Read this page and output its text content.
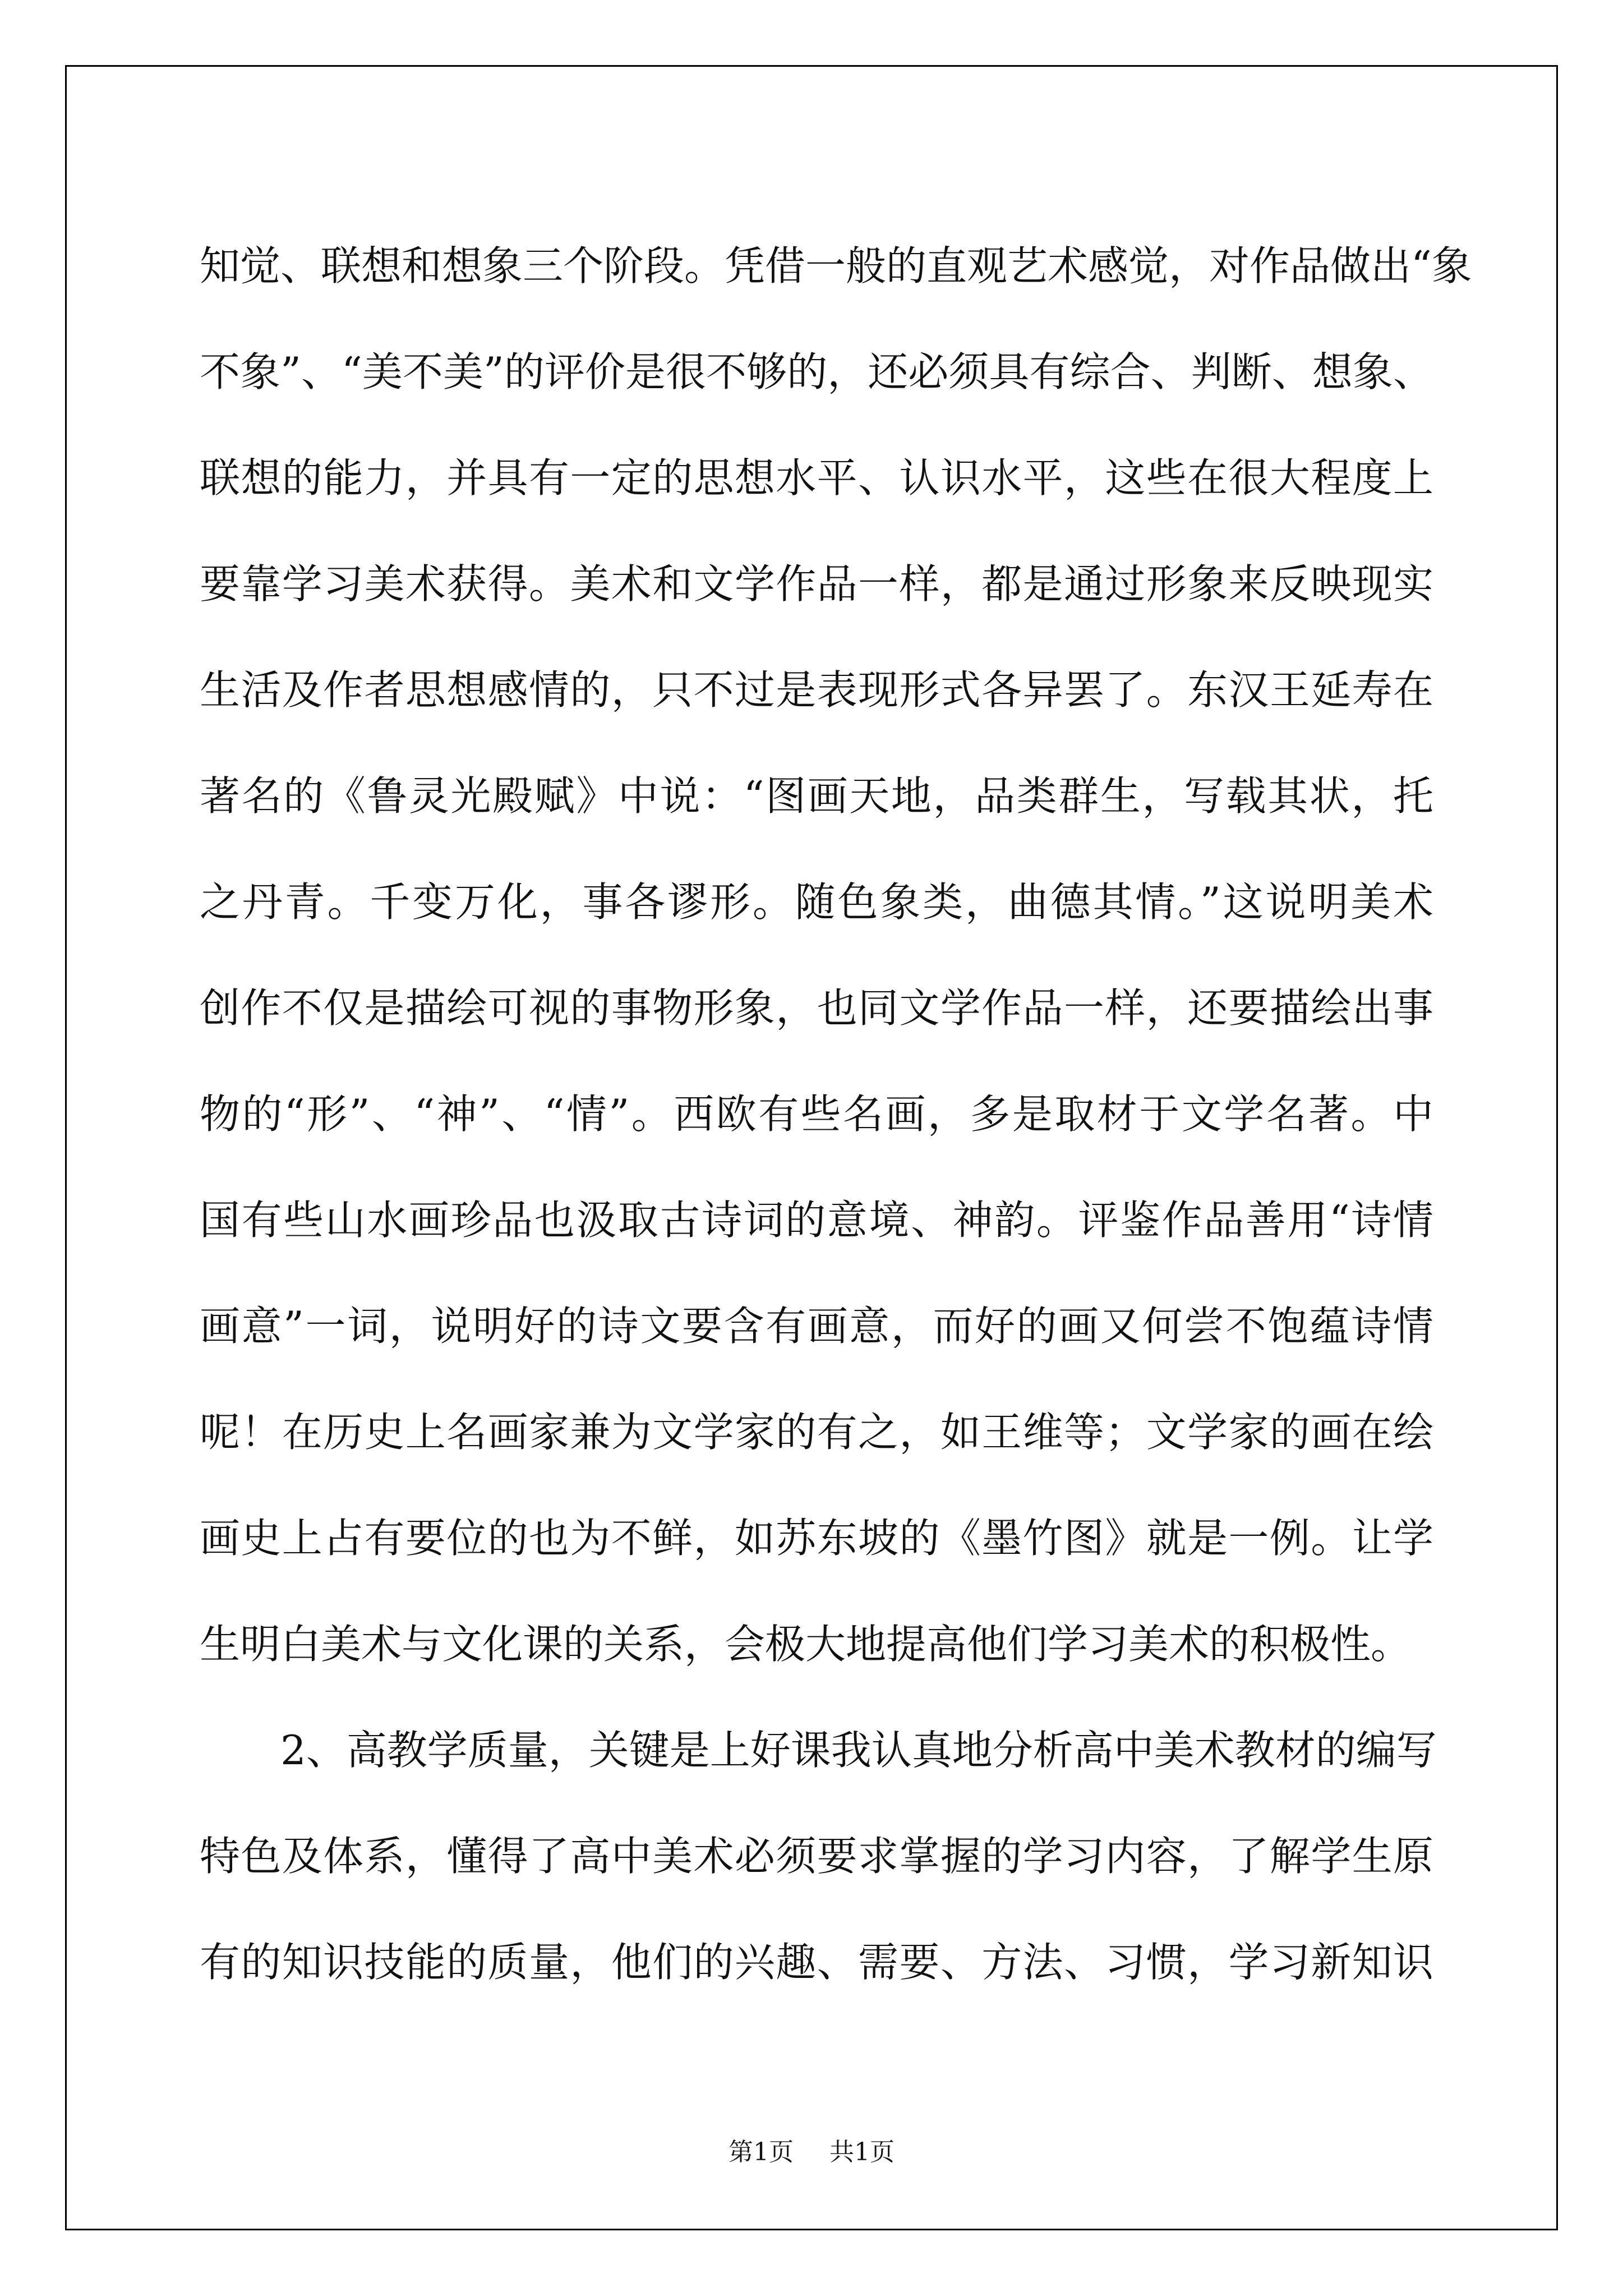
知觉、联想和想象三个阶段。凭借一般的直观艺术感觉，对作品做出“象
不象”、“美不美”的评价是很不够的，还必须具有综合、判断、想象、
联想的能力，并具有一定的思想水平、认识水平，这些在很大程度上
要靠学习美术获得。美术和文学作品一样，都是通过形象来反映现实
生活及作者思想感情的，只不过是表现形式各异罢了。东汉王延寿在
著名的《鲁灵光殿赋》中说：“图画天地，品类群生，写载其状，托
之丹青。千变万化，事各谬形。随色象类，曲德其情。”这说明美术
创作不仅是描绘可视的事物形象，也同文学作品一样，还要描绘出事
物的“形”、“神”、“情”。西欧有些名画，多是取材于文学名著。中
国有些山水画珍品也汲取古诗词的意境、神韵。评鉴作品善用“诗情
画意”一词，说明好的诗文要含有画意，而好的画又何尝不饱蕴诗情
呢！在历史上名画家兼为文学家的有之，如王维等；文学家的画在绘
画史上占有要位的也为不鲜，如苏东坡的《墨竹图》就是一例。让学
生明白美术与文化课的关系，会极大地提高他们学习美术的积极性。
2、高教学质量，关键是上好课我认真地分析高中美术教材的编写
特色及体系，懂得了高中美术必须要求掌握的学习内容，了解学生原
有的知识技能的质量，他们的兴趣、需要、方法、习惯，学习新知识
第1页 共1页
